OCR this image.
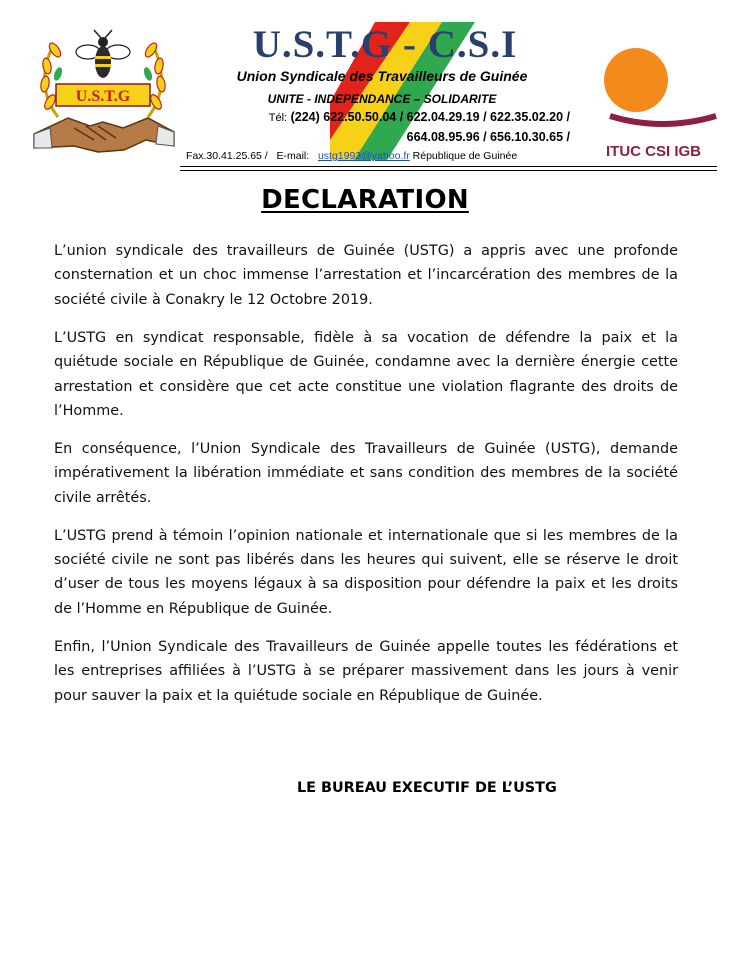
U.S.T.G
U.S.T.G - C.S.I
Union Syndicale des Travailleurs de Guinée
UNITE - INDEPENDANCE – SOLIDARITE
Tél: (224) 622.50.50.04 / 622.04.29.19 / 622.35.02.20 /
664.08.95.96 / 656.10.30.65 /
Fax.30.41.25.65 / E-mail: ustg1993@yahoo.fr République de Guinée	ITUC CSI IGB
DECLARATION

L’union syndicale des travailleurs de Guinée (USTG) a appris avec une profonde consternation et un choc immense l’arrestation et l’incarcération des membres de la société civile à Conakry le 12 Octobre 2019.

L’USTG en syndicat responsable, fidèle à sa vocation de défendre la paix et la quiétude sociale en République de Guinée, condamne avec la dernière énergie cette arrestation et considère que cet acte constitue une violation flagrante des droits de l’Homme.

En conséquence, l’Union Syndicale des Travailleurs de Guinée (USTG), demande impérativement la libération immédiate et sans condition des membres de la société civile arrêtés.

L’USTG prend à témoin l’opinion nationale et internationale que si les membres de la société civile ne sont pas libérés dans les heures qui suivent, elle se réserve le droit d’user de tous les moyens légaux à sa disposition pour défendre la paix et les droits de l’Homme en République de Guinée.

Enfin, l’Union Syndicale des Travailleurs de Guinée appelle toutes les fédérations et les entreprises affiliées à l’USTG à se préparer massivement dans les jours à venir pour sauver la paix et la quiétude sociale en République de Guinée.

LE BUREAU EXECUTIF DE L’USTG
